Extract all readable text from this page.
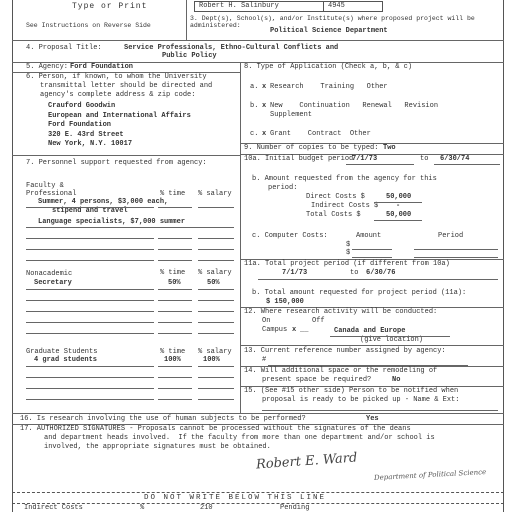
Type or Print
See Instructions on Reverse Side
Robert H. Salinbury	4945
3. Dept(s), School(s), and/or Institute(s) where proposed project will be administered:
Political Science Department
4. Proposal Title:	Service Professionals, Ethno-Cultural Conflicts and
Public Policy
5. Agency: Ford Foundation
6. Person, if known, to whom the University
transmittal letter should be directed and
agency's complete address & zip code:
Crauford Goodwin
European and International Affairs
Ford Foundation
320 E. 43rd Street
New York, N.Y. 10017
7. Personnel support requested from agency:
Faculty &
Professional	% time % salary
Summer, 4 persons, $3,000 each,
stipend and travel
Language specialists, $7,000 summer
Nonacademic	% time % salary
Secretary	50%	50%
Graduate Students	% time % salary
4 grad students	100%	100%
8. Type of Application (Check a, b, & c)
a. x Research    Training   Other
b. x New    Continuation   Renewal   Revision
Supplement
c. x Grant    Contract  Other
9. Number of copies to be typed: Two
10a. Initial budget period
7/1/73	to 6/30/74
b. Amount requested from the agency for this
period:
Direct Costs $	50,000
Indirect Costs $	-
Total Costs $	50,000
c. Computer Costs:	Amount	Period
$
$
11a. Total project period (if different from 10a)
7/1/73	to 6/30/76
b. Total amount requested for project period (11a):
$ 150,000
12. Where research activity will be conducted:
On	Off
Campus x __	Canada and Europe
(give location)
13. Current reference number assigned by agency:
#
14. Will additional space or the remodeling of
present space be required?	No
15. (See #15 other side) Person to be notified when
proposal is ready to be picked up - Name & Ext:
16. Is research involving the use of human subjects to be performed?	Yes
17. AUTHORIZED SIGNATURES - Proposals cannot be processed without the signatures of the deans
and department heads involved.  If the faculty from more than one department and/or school is
involved, the appropriate signatures must be obtained.
Robert E. Ward
Department of Political Science
DO NOT WRITE BELOW THIS LINE
Indirect Costs	%	210	Pending
